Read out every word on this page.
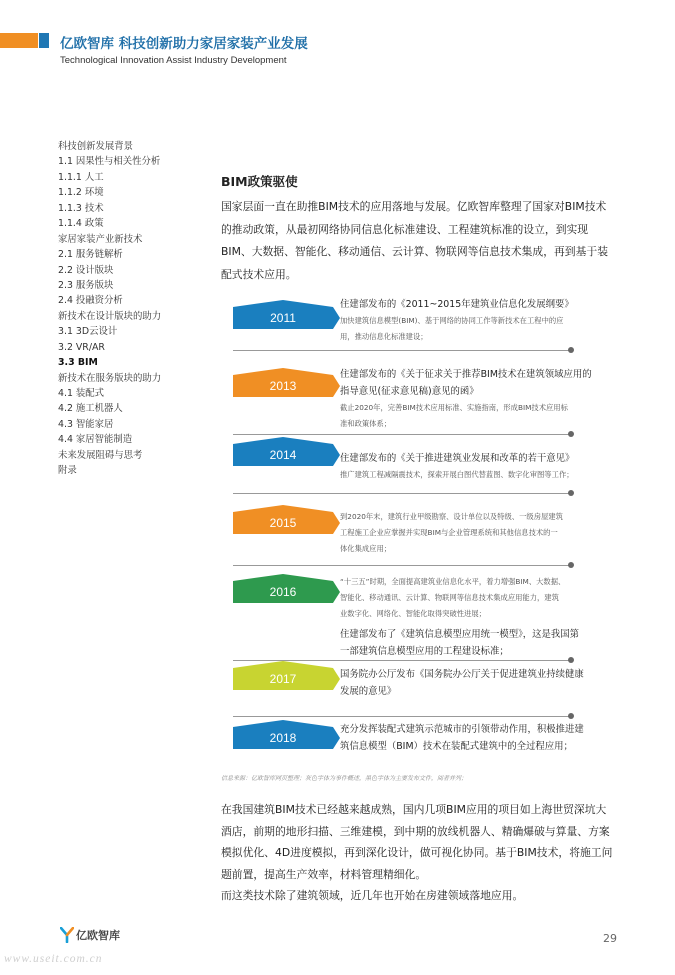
亿欧智库 科技创新助力家居家装产业发展
Technological Innovation Assist Industry Development
科技创新发展背景
1.1 因果性与相关性分析
1.1.1 人工
1.1.2 环境
1.1.3 技术
1.1.4 政策
家居家装产业新技术
2.1 服务链解析
2.2 设计版块
2.3 服务版块
2.4 投融资分析
新技术在设计版块的助力
3.1 3D云设计
3.2 VR/AR
3.3 BIM
新技术在服务版块的助力
4.1 装配式
4.2 施工机器人
4.3 智能家居
4.4 家居智能制造
未来发展阻碍与思考
附录
BIM政策驱使
国家层面一直在助推BIM技术的应用落地与发展。亿欧智库整理了国家对BIM技术的推动政策，从最初网络协同信息化标准建设、工程建筑标准的设立，到实现BIM、大数据、智能化、移动通信、云计算、物联网等信息技术集成，再到基于装配式技术应用。
2011
住建部发布的《2011~2015年建筑业信息化发展纲要》
加快建筑信息模型(BIM)、基于网络的协同工作等新技术在工程中的应
用，推动信息化标准建设；
2013
住建部发布的《关于征求关于推荐BIM技术在建筑领域应用的
指导意见(征求意见稿)意见的函》
截止2020年，完善BIM技术应用标准、实施指南，形成BIM技术应用标
准和政策体系；
2014	住建部发布的《关于推进建筑业发展和改革的若干意见》
推广建筑工程减隔震技术，探索开展白图代替蓝图、数字化审图等工作；
2015	到2020年末，建筑行业甲级勘察、设计单位以及特级、一级房屋建筑
工程施工企业应掌握并实现BIM与企业管理系统和其他信息技术的一
体化集成应用；
2016
“十三五”时期，全面提高建筑业信息化水平，着力增强BIM、大数据、
智能化、移动通讯、云计算、物联网等信息技术集成应用能力，建筑
业数字化、网络化、智能化取得突破性进展；
住建部发布了《建筑信息模型应用统一模型》，这是我国第
一部建筑信息模型应用的工程建设标准；
2017	国务院办公厅发布《国务院办公厅关于促进建筑业持续健康
发展的意见》
2018
充分发挥装配式建筑示范城市的引领带动作用，积极推进建
筑信息模型（BIM）技术在装配式建筑中的全过程应用；
信息来源：亿欧智库网页整理；灰色字体为事件概述，黑色字体为主要发布文件，阅者并列；

在我国建筑BIM技术已经越来越成熟，国内几项BIM应用的项目如上海世贸深坑大酒店，前期的地形扫描、三维建模，到中期的放线机器人、精确爆破与算量、方案模拟优化、4D进度模拟，再到深化设计，做可视化协同。基于BIM技术，将施工问题前置，提高生产效率，材料管理精细化。

而这类技术除了建筑领域，近几年也开始在房建领域落地应用。

亿欧智库	29
www.useit.com.cn
